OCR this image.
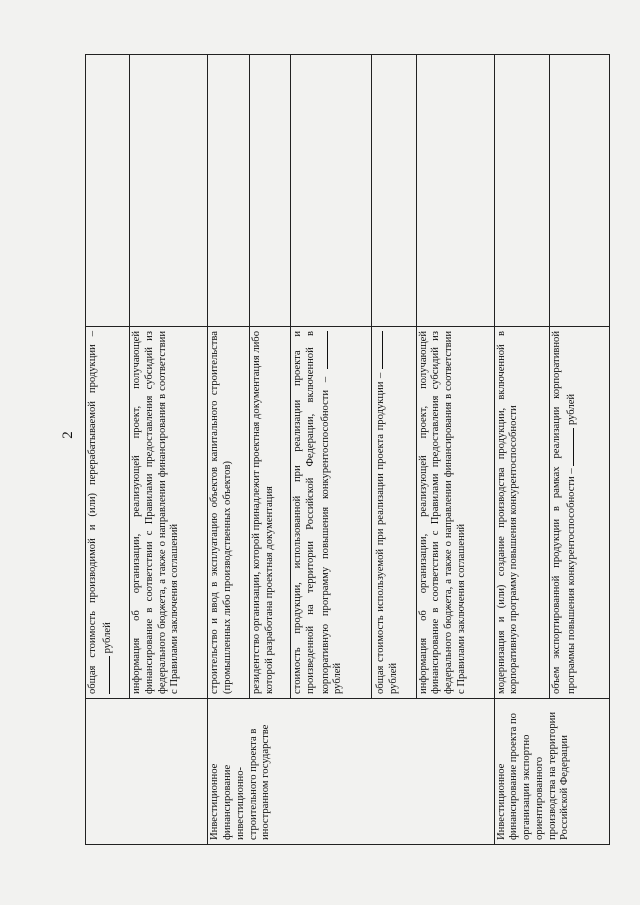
2
	общая стоимость производимой и (или) перерабатываемой продукции –  рублей	
	информация об организации, реализующей проект, получающей финансирование в соответствии с Правилами предоставления субсидий из федерального бюджета, а также о направлении финансирования в соответствии с Правилами заключения соглашений	
Инвестиционное финансирование инвестиционно-строительного проекта в иностранном государстве	строительство и ввод в эксплуатацию объектов капитального строительства (промышленных либо производственных объектов)	
	резидентство организации, которой принадлежит проектная документация либо которой разработана проектная документация	
	стоимость продукции, использованной при реализации проекта и произведенной на территории Российской Федерации, включенной в корпоративную программу повышения конкурентоспособности –  рублей	
	общая стоимость используемой при реализации проекта продукции –  рублей	
	информация об организации, реализующей проект, получающей финансирование в соответствии с Правилами предоставления субсидий из федерального бюджета, а также о направлении финансирования в соответствии с Правилами заключения соглашений	
Инвестиционное финансирование проекта по организации экспортно ориентированного производства на территории Российской Федерации	модернизация и (или) создание производства продукции, включенной в корпоративную программу повышения конкурентоспособности	
	объем экспортированной продукции в рамках реализации корпоративной программы повышения конкурентоспособности –  рублей	
